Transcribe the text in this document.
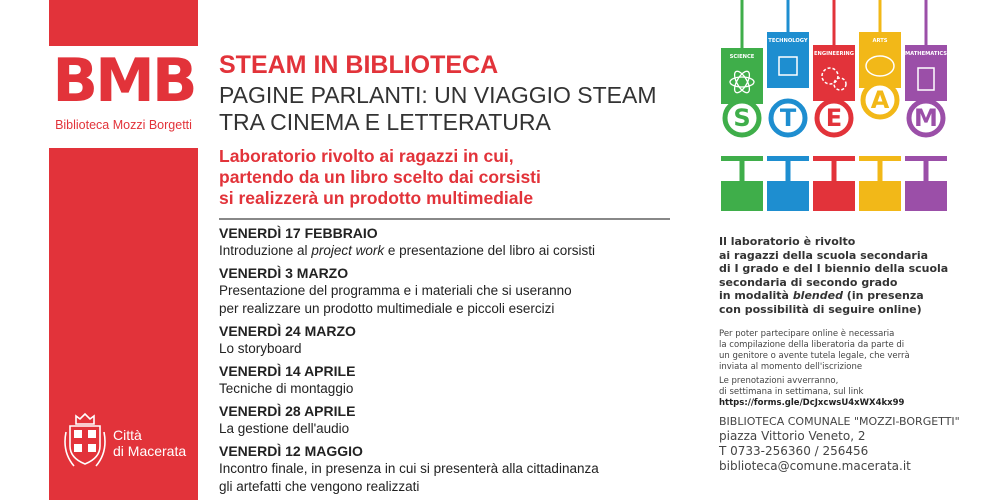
BMB
Biblioteca Mozzi Borgetti
Città
di Macerata
STEAM IN BIBLIOTECA
PAGINE PARLANTI: UN VIAGGIO STEAM
TRA CINEMA E LETTERATURA
Laboratorio rivolto ai ragazzi in cui,
partendo da un libro scelto dai corsisti
si realizzerà un prodotto multimediale
VENERDÌ 17 FEBBRAIO
Introduzione al project work e presentazione del libro ai corsisti
VENERDÌ 3 MARZO
Presentazione del programma e i materiali che si useranno
per realizzare un prodotto multimediale e piccoli esercizi
VENERDÌ 24 MARZO
Lo storyboard
VENERDÌ 14 APRILE
Tecniche di montaggio
VENERDÌ 28 APRILE
La gestione dell'audio
VENERDÌ 12 MAGGIO
Incontro finale, in presenza in cui si presenterà alla cittadinanza
gli artefatti che vengono realizzati
SCIENCE
S
TECHNOLOGY
T
ENGINEERING
E
ARTS
A
MATHEMATICS
M
Il laboratorio è rivolto
ai ragazzi della scuola secondaria
di I grado e del I biennio della scuola
secondaria di secondo grado
in modalità blended (in presenza
con possibilità di seguire online)
Per poter partecipare online è necessaria
la compilazione della liberatoria da parte di
un genitore o avente tutela legale, che verrà
inviata al momento dell'iscrizione
Le prenotazioni avverranno,
di settimana in settimana, sul link
https://forms.gle/DcJxcwsU4xWX4kx99
BIBLIOTECA COMUNALE "MOZZI-BORGETTI"
piazza Vittorio Veneto, 2
T 0733-256360 / 256456
biblioteca@comune.macerata.it
